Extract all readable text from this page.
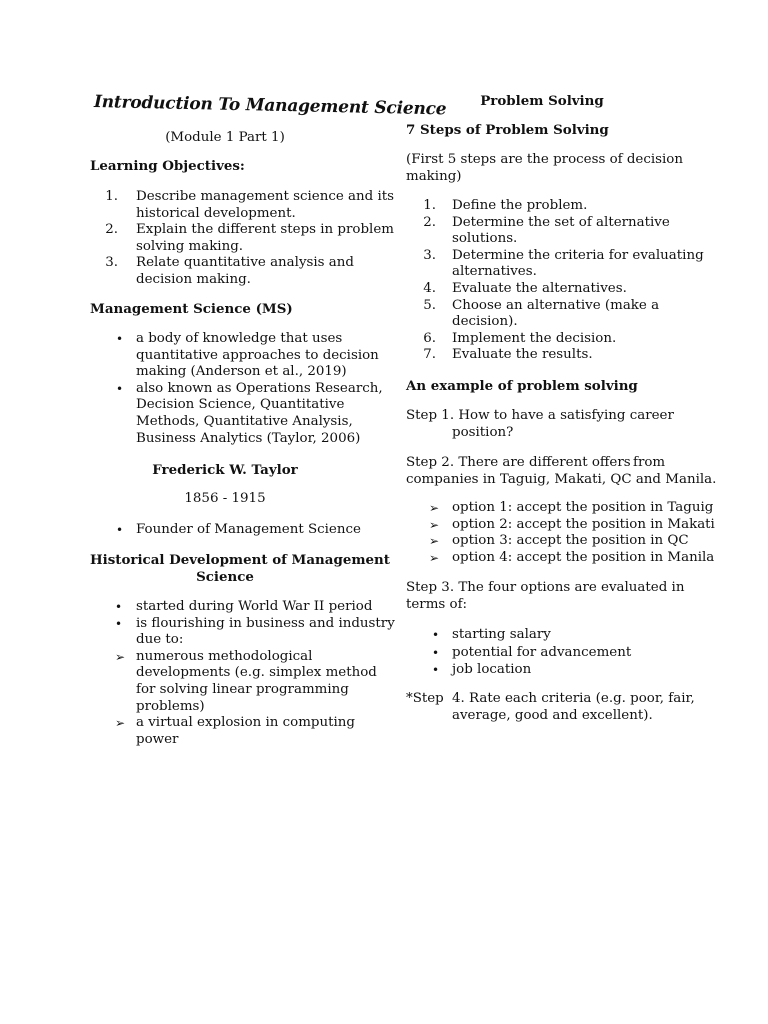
Introduction To Management Science
(Module 1 Part 1)
Learning Objectives:
1. Describe management science and its
historical development.
2. Explain the different steps in problem
solving making.
3. Relate quantitative analysis and
decision making.
Management Science (MS)
• a body of knowledge that uses
quantitative approaches to decision
making (Anderson et al., 2019)
• also known as Operations Research,
Decision Science, Quantitative
Methods, Quantitative Analysis,
Business Analytics (Taylor, 2006)
Frederick W. Taylor
1856 - 1915
• Founder of Management Science
Historical Development of Management
Science
• started during World War II period
• is flourishing in business and industry
due to:
➢ numerous methodological
developments (e.g. simplex method
for solving linear programming
problems)
➢ a virtual explosion in computing
power
Problem Solving
7 Steps of Problem Solving
(First 5 steps are the process of decision
making)
1. Define the problem.
2. Determine the set of alternative
solutions.
3. Determine the criteria for evaluating
alternatives.
4. Evaluate the alternatives.
5. Choose an alternative (make a
decision).
6. Implement the decision.
7. Evaluate the results.
An example of problem solving
Step 1. How to have a satisfying career
position?
Step 2. There are different offers from
companies in Taguig, Makati, QC and Manila.
➢ option 1: accept the position in Taguig
➢ option 2: accept the position in Makati
➢ option 3: accept the position in QC
➢ option 4: accept the position in Manila
Step 3. The four options are evaluated in
terms of:
• starting salary
• potential for advancement
• job location
*Step 4. Rate each criteria (e.g. poor, fair,
average, good and excellent).
